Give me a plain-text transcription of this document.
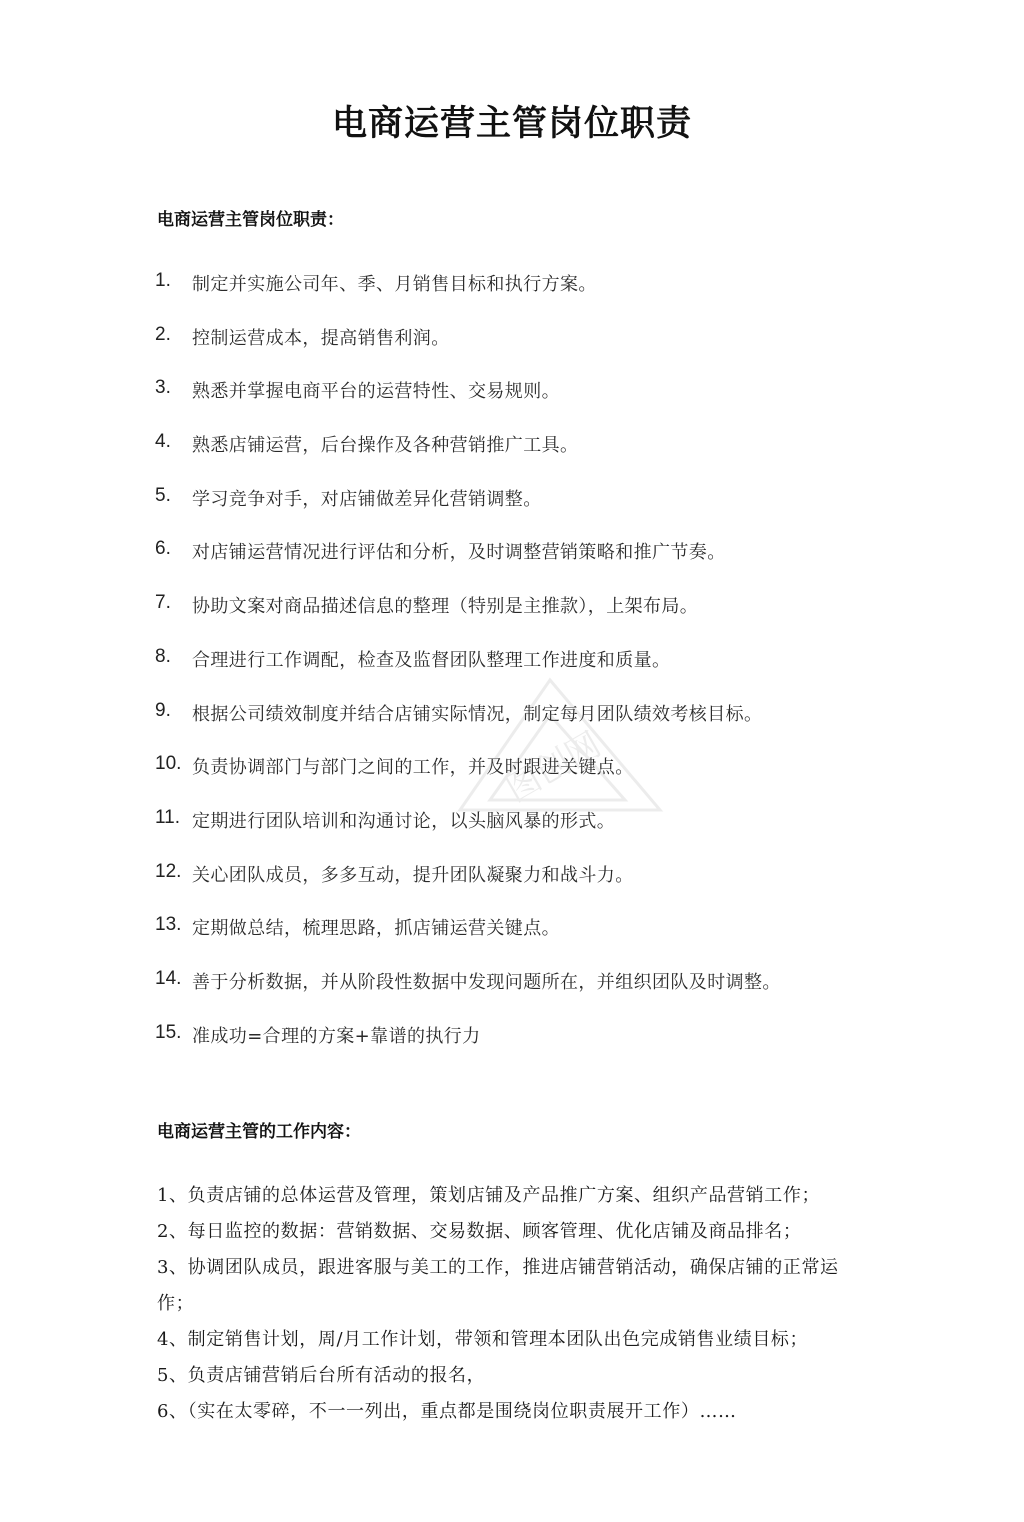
电商运营主管岗位职责
电商运营主管岗位职责：
1.	制定并实施公司年、季、月销售目标和执行方案。
2.	控制运营成本，提高销售利润。
3.	熟悉并掌握电商平台的运营特性、交易规则。
4.	熟悉店铺运营，后台操作及各种营销推广工具。
5.	学习竞争对手，对店铺做差异化营销调整。
6.	对店铺运营情况进行评估和分析，及时调整营销策略和推广节奏。
7.	协助文案对商品描述信息的整理（特别是主推款），上架布局。
8.	合理进行工作调配，检查及监督团队整理工作进度和质量。
9.	根据公司绩效制度并结合店铺实际情况，制定每月团队绩效考核目标。
10. 负责协调部门与部门之间的工作，并及时跟进关键点。
11. 定期进行团队培训和沟通讨论，以头脑风暴的形式。
12. 关心团队成员，多多互动，提升团队凝聚力和战斗力。
13. 定期做总结，梳理思路，抓店铺运营关键点。
14. 善于分析数据，并从阶段性数据中发现问题所在，并组织团队及时调整。
15. 准成功=合理的方案+靠谱的执行力
电商运营主管的工作内容：
1、负责店铺的总体运营及管理，策划店铺及产品推广方案、组织产品营销工作；
2、每日监控的数据：营销数据、交易数据、顾客管理、优化店铺及商品排名；
3、协调团队成员，跟进客服与美工的工作，推进店铺营销活动，确保店铺的正常运作；
4、制定销售计划，周/月工作计划，带领和管理本团队出色完成销售业绩目标；
5、负责店铺营销后台所有活动的报名，
6、（实在太零碎，不一一列出，重点都是围绕岗位职责展开工作）……
图创网
